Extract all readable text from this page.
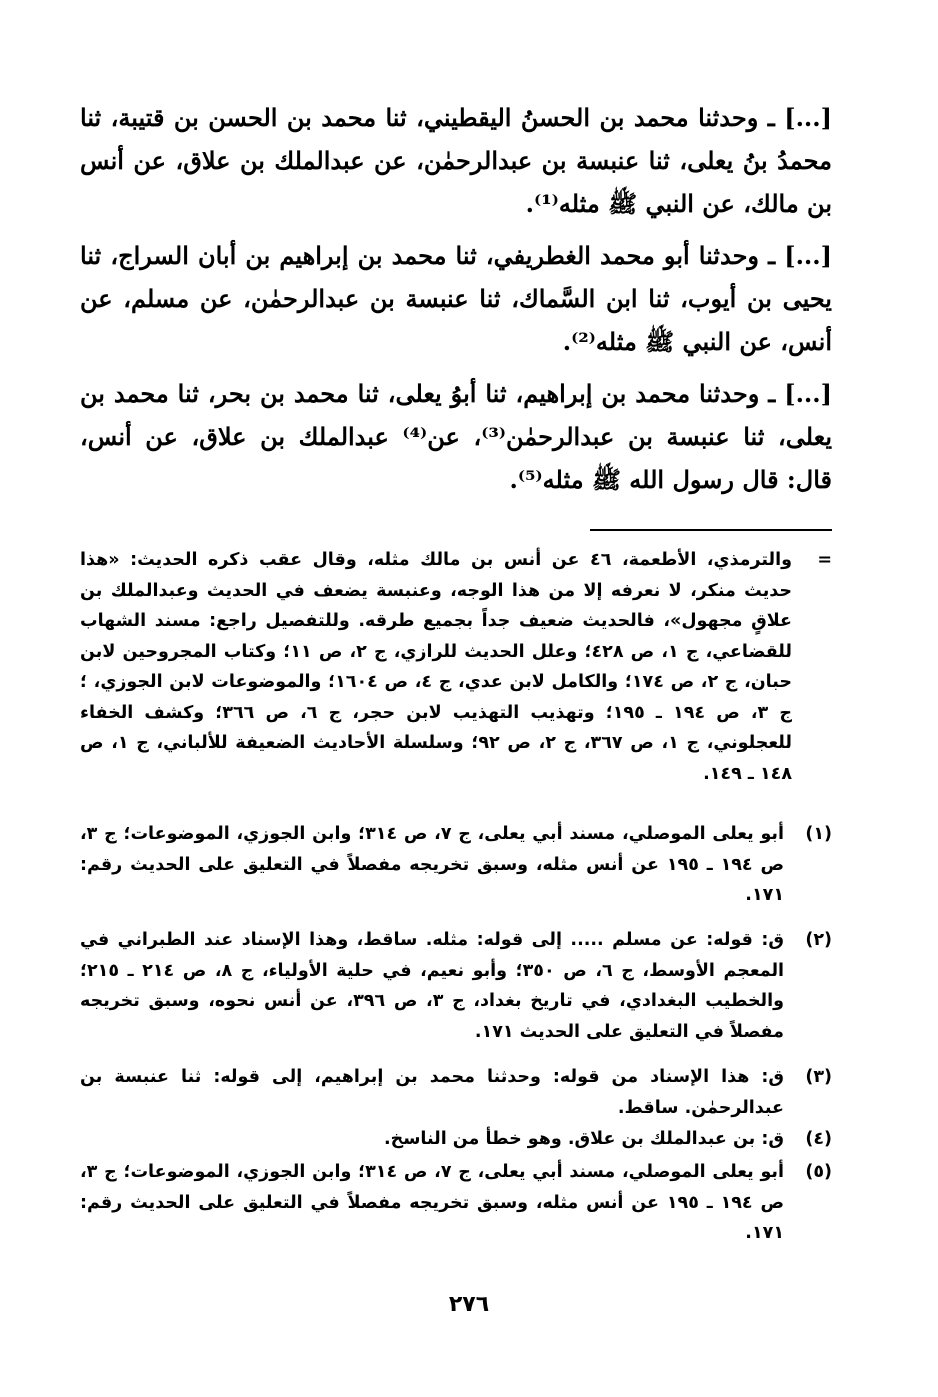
[...] ـ وحدثنا محمد بن الحسنُ اليقطيني، ثنا محمد بن الحسن بن قتيبة، ثنا محمدُ بنُ يعلى، ثنا عنبسة بن عبدالرحمٰن، عن عبدالملك بن علاق، عن أنس بن مالك، عن النبي ﷺ مثله⁽¹⁾.
[...] ـ وحدثنا أبو محمد الغطريفي، ثنا محمد بن إبراهيم بن أبان السراج، ثنا يحيى بن أيوب، ثنا ابن السَّماك، ثنا عنبسة بن عبدالرحمٰن، عن مسلم، عن أنس، عن النبي ﷺ مثله⁽²⁾.
[...] ـ وحدثنا محمد بن إبراهيم، ثنا أبوُ يعلى، ثنا محمد بن بحر، ثنا محمد بن يعلى، ثنا عنبسة بن عبدالرحمٰن⁽³⁾، عن⁽⁴⁾ عبدالملك بن علاق، عن أنس، قال: قال رسول الله ﷺ مثله⁽⁵⁾.
=
والترمذي، الأطعمة، ٤٦ عن أنس بن مالك مثله، وقال عقب ذكره الحديث: «هذا حديث منكر، لا نعرفه إلا من هذا الوجه، وعنبسة يضعف في الحديث وعبدالملك بن علاقٍ مجهول»، فالحديث ضعيف جداً بجميع طرقه. وللتفصيل راجع: مسند الشهاب للقضاعي، ج ١، ص ٤٢٨؛ وعلل الحديث للرازي، ج ٢، ص ١١؛ وكتاب المجروحين لابن حبان، ج ٢، ص ١٧٤؛ والكامل لابن عدي، ج ٤، ص ١٦٠٤؛ والموضوعات لابن الجوزي، ؛ ج ٣، ص ١٩٤ ـ ١٩٥؛ وتهذيب التهذيب لابن حجر، ج ٦، ص ٣٦٦؛ وكشف الخفاء للعجلوني، ج ١، ص ٣٦٧، ج ٢، ص ٩٢؛ وسلسلة الأحاديث الضعيفة للألباني، ج ١، ص ١٤٨ ـ ١٤٩.
(١)
أبو يعلى الموصلي، مسند أبي يعلى، ج ٧، ص ٣١٤؛ وابن الجوزي، الموضوعات؛ ج ٣، ص ١٩٤ ـ ١٩٥ عن أنس مثله، وسبق تخريجه مفصلاً في التعليق على الحديث رقم: ١٧١.
(٢)
ق: قوله: عن مسلم ..... إلى قوله: مثله. ساقط، وهذا الإسناد عند الطبراني في المعجم الأوسط، ج ٦، ص ٣٥٠؛ وأبو نعيم، في حلية الأولياء، ج ٨، ص ٢١٤ ـ ٢١٥؛ والخطيب البغدادي، في تاريخ بغداد، ج ٣، ص ٣٩٦، عن أنس نحوه، وسبق تخريجه مفصلاً في التعليق على الحديث ١٧١.
(٣)
ق: هذا الإسناد من قوله: وحدثنا محمد بن إبراهيم، إلى قوله: ثنا عنبسة بن عبدالرحمٰن. ساقط.
(٤)
ق: بن عبدالملك بن علاق. وهو خطأ من الناسخ.
(٥)
أبو يعلى الموصلي، مسند أبي يعلى، ج ٧، ص ٣١٤؛ وابن الجوزي، الموضوعات؛ ج ٣، ص ١٩٤ ـ ١٩٥ عن أنس مثله، وسبق تخريجه مفصلاً في التعليق على الحديث رقم: ١٧١.
٢٧٦
